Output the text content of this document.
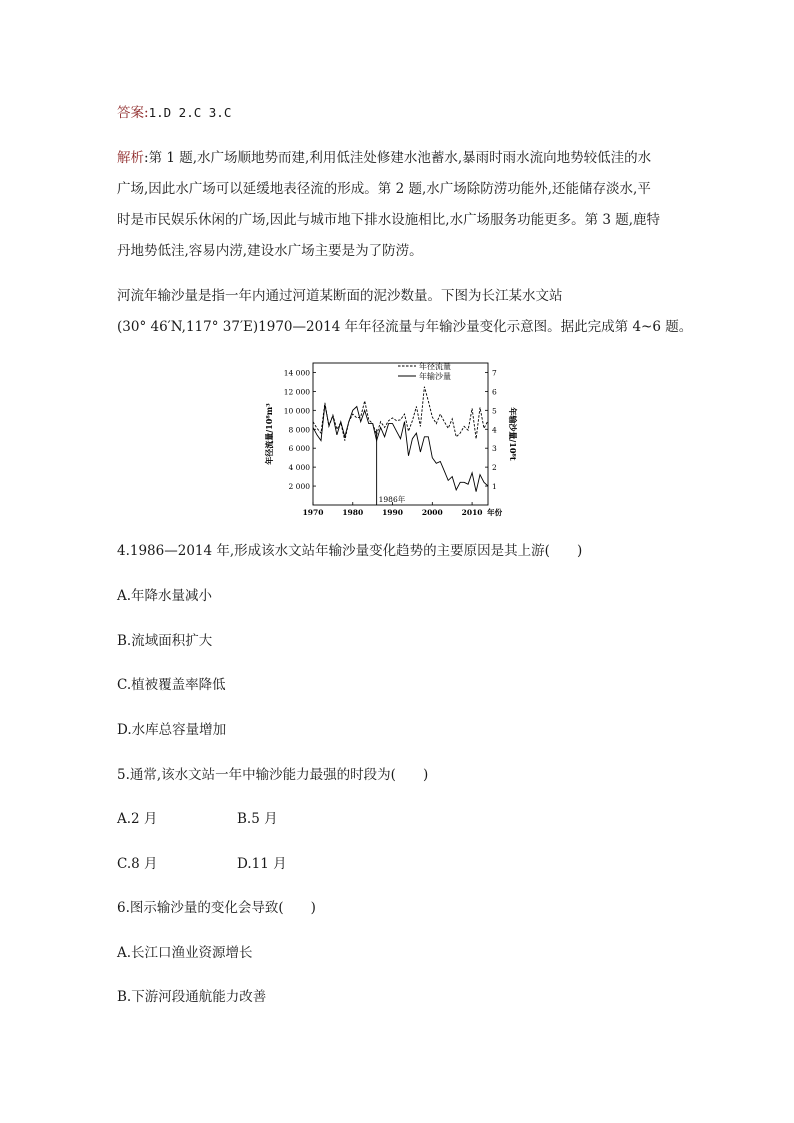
答案:1.D 2.C 3.C
解析:第 1 题,水广场顺地势而建,利用低洼处修建水池蓄水,暴雨时雨水流向地势较低洼的水
广场,因此水广场可以延缓地表径流的形成。第 2 题,水广场除防涝功能外,还能储存淡水,平
时是市民娱乐休闲的广场,因此与城市地下排水设施相比,水广场服务功能更多。第 3 题,鹿特
丹地势低洼,容易内涝,建设水广场主要是为了防涝。
河流年输沙量是指一年内通过河道某断面的泥沙数量。下图为长江某水文站
(30° 46′N,117° 37′E)1970—2014 年年径流量与年输沙量变化示意图。据此完成第 4~6 题。
2 000
4 000
6 000
8 000
10 000
12 000
14 000
1
2
3
4
5
6
7
1970	1980	1990	2000	2010 年份
1986年
年径流量
年输沙量
年径流量/10⁸m³	年输沙量/10⁸t
4.1986—2014 年,形成该水文站年输沙量变化趋势的主要原因是其上游(　　)
A.年降水量减小
B.流域面积扩大
C.植被覆盖率降低
D.水库总容量增加
5.通常,该水文站一年中输沙能力最强的时段为(　　)
A.2 月	B.5 月
C.8 月	D.11 月
6.图示输沙量的变化会导致(　　)
A.长江口渔业资源增长
B.下游河段通航能力改善
